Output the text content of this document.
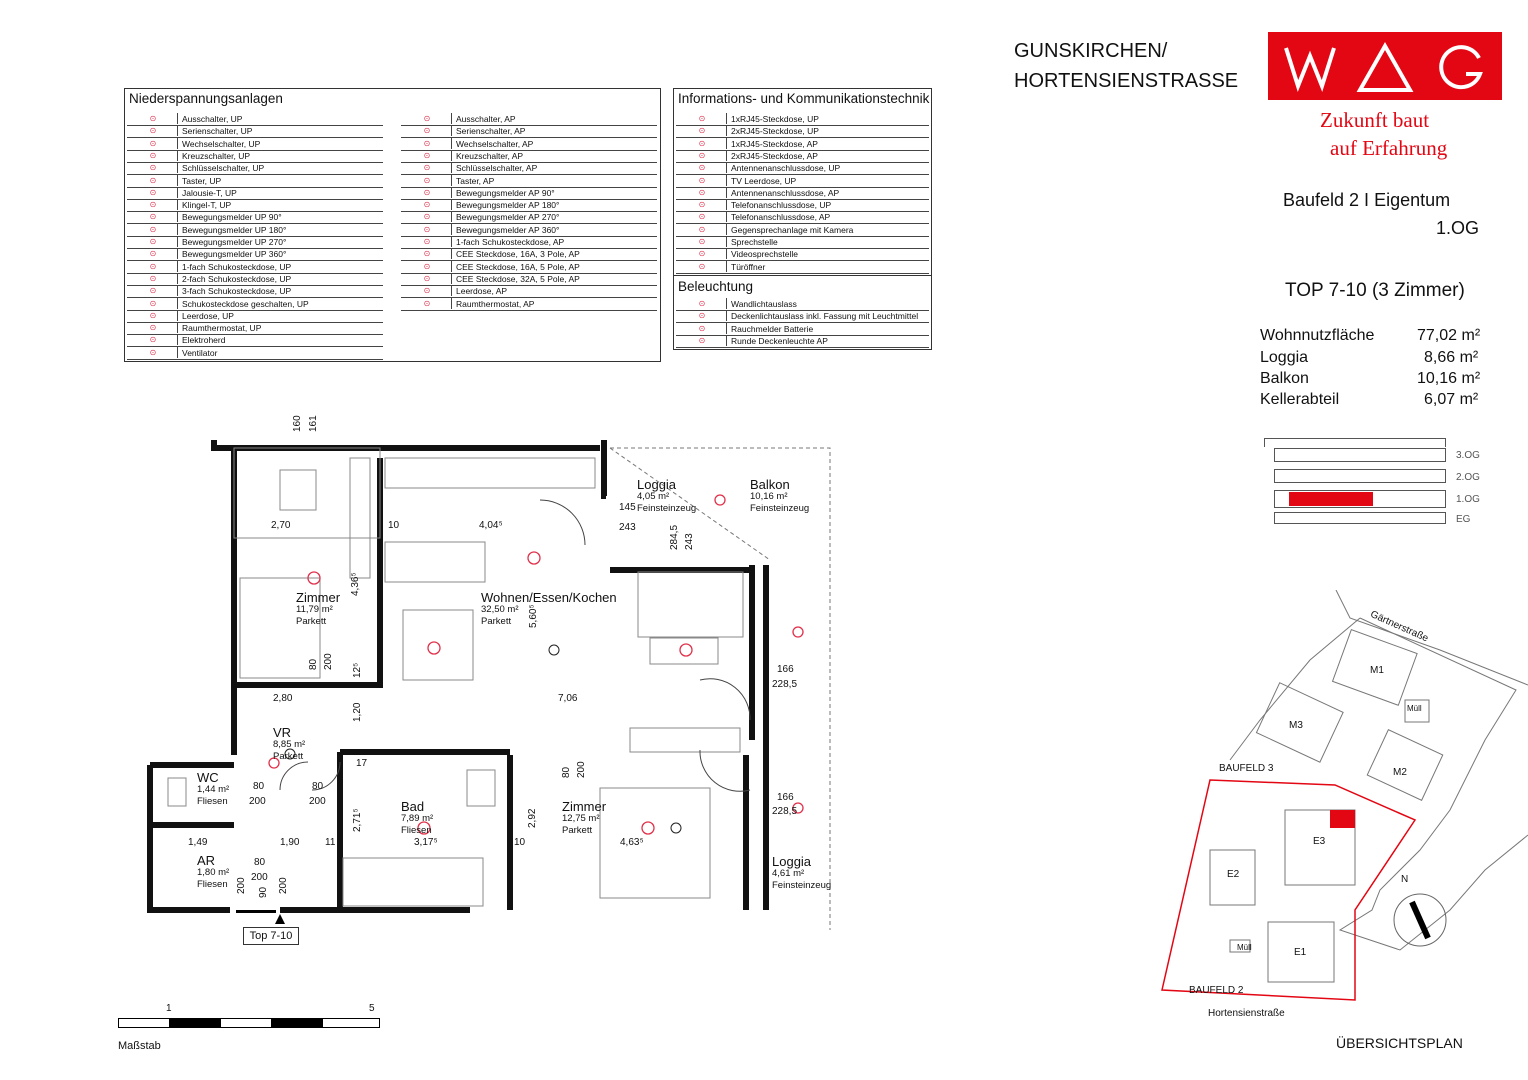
GUNSKIRCHEN/
HORTENSIENSTRASSE
Zukunft baut
auf Erfahrung
Baufeld 2 I Eigentum
1.OG
TOP 7-10 (3 Zimmer)
Wohnnutzfläche	77,02 m²
Loggia	8,66 m²
Balkon	10,16 m²
Kellerabteil	6,07 m²
3.OG
2.OG
1.OG
EG
Niederspannungsanlagen
⊙	Ausschalter, UP
⊙	Serienschalter, UP
⊙	Wechselschalter, UP
⊙	Kreuzschalter, UP
⊙	Schlüsselschalter, UP
⊙	Taster, UP
⊙	Jalousie-T, UP
⊙	Klingel-T, UP
⊙	Bewegungsmelder UP 90°
⊙	Bewegungsmelder UP 180°
⊙	Bewegungsmelder UP 270°
⊙	Bewegungsmelder UP 360°
⊙	1-fach Schukosteckdose, UP
⊙	2-fach Schukosteckdose, UP
⊙	3-fach Schukosteckdose, UP
⊙	Schukosteckdose geschalten, UP
⊙	Leerdose, UP
⊙	Raumthermostat, UP
⊙	Elektroherd
⊙	Ventilator
⊙	Ausschalter, AP
⊙	Serienschalter, AP
⊙	Wechselschalter, AP
⊙	Kreuzschalter, AP
⊙	Schlüsselschalter, AP
⊙	Taster, AP
⊙	Bewegungsmelder AP 90°
⊙	Bewegungsmelder AP 180°
⊙	Bewegungsmelder AP 270°
⊙	Bewegungsmelder AP 360°
⊙	1-fach Schukosteckdose, AP
⊙	CEE Steckdose, 16A, 3 Pole, AP
⊙	CEE Steckdose, 16A, 5 Pole, AP
⊙	CEE Steckdose, 32A, 5 Pole, AP
⊙	Leerdose, AP
⊙	Raumthermostat, AP
Informations- und Kommunikationstechnik
⊙	1xRJ45-Steckdose, UP
⊙	2xRJ45-Steckdose, UP
⊙	1xRJ45-Steckdose, AP
⊙	2xRJ45-Steckdose, AP
⊙	Antennenanschlussdose, UP
⊙	TV Leerdose, UP
⊙	Antennenanschlussdose, AP
⊙	Telefonanschlussdose, UP
⊙	Telefonanschlussdose, AP
⊙	Gegensprechanlage mit Kamera
⊙	Sprechstelle
⊙	Videosprechstelle
⊙	Türöffner
Beleuchtung
⊙	Wandlichtauslass
⊙	Deckenlichtauslass inkl. Fassung mit Leuchtmittel
⊙	Rauchmelder Batterie
⊙	Runde Deckenleuchte AP
Zimmer
11,79 m²
Parkett
Wohnen/Essen/Kochen
32,50 m²
Parkett
Loggia
4,05 m²
Feinsteinzeug
Balkon
10,16 m²
Feinsteinzeug
VR
8,85 m²
Parkett
WC
1,44 m²
Fliesen
AR
1,80 m²
Fliesen
Bad
7,89 m²
Fliesen
Zimmer
12,75 m²
Parkett
Loggia
4,61 m²
Feinsteinzeug
160 161
2,70	10	4,04⁵
145
243	284,5 243
4,36⁵
5,60⁵
12⁵
80 200
2,80	7,06
166
228,5
1,20
17
80
200
80
200
80 200
166
228,5
1,49	1,90	11
2,71⁵
3,17⁵
2,92
10	4,63⁵
80
200
90 200
200
Top 7-10
1	5
Maßstab
Gärtnerstraße
BAUFELD 3
M1
M2
M3
Müll
E1
E2
E3
Müll
BAUFELD 2
Hortensienstraße
N
ÜBERSICHTSPLAN
